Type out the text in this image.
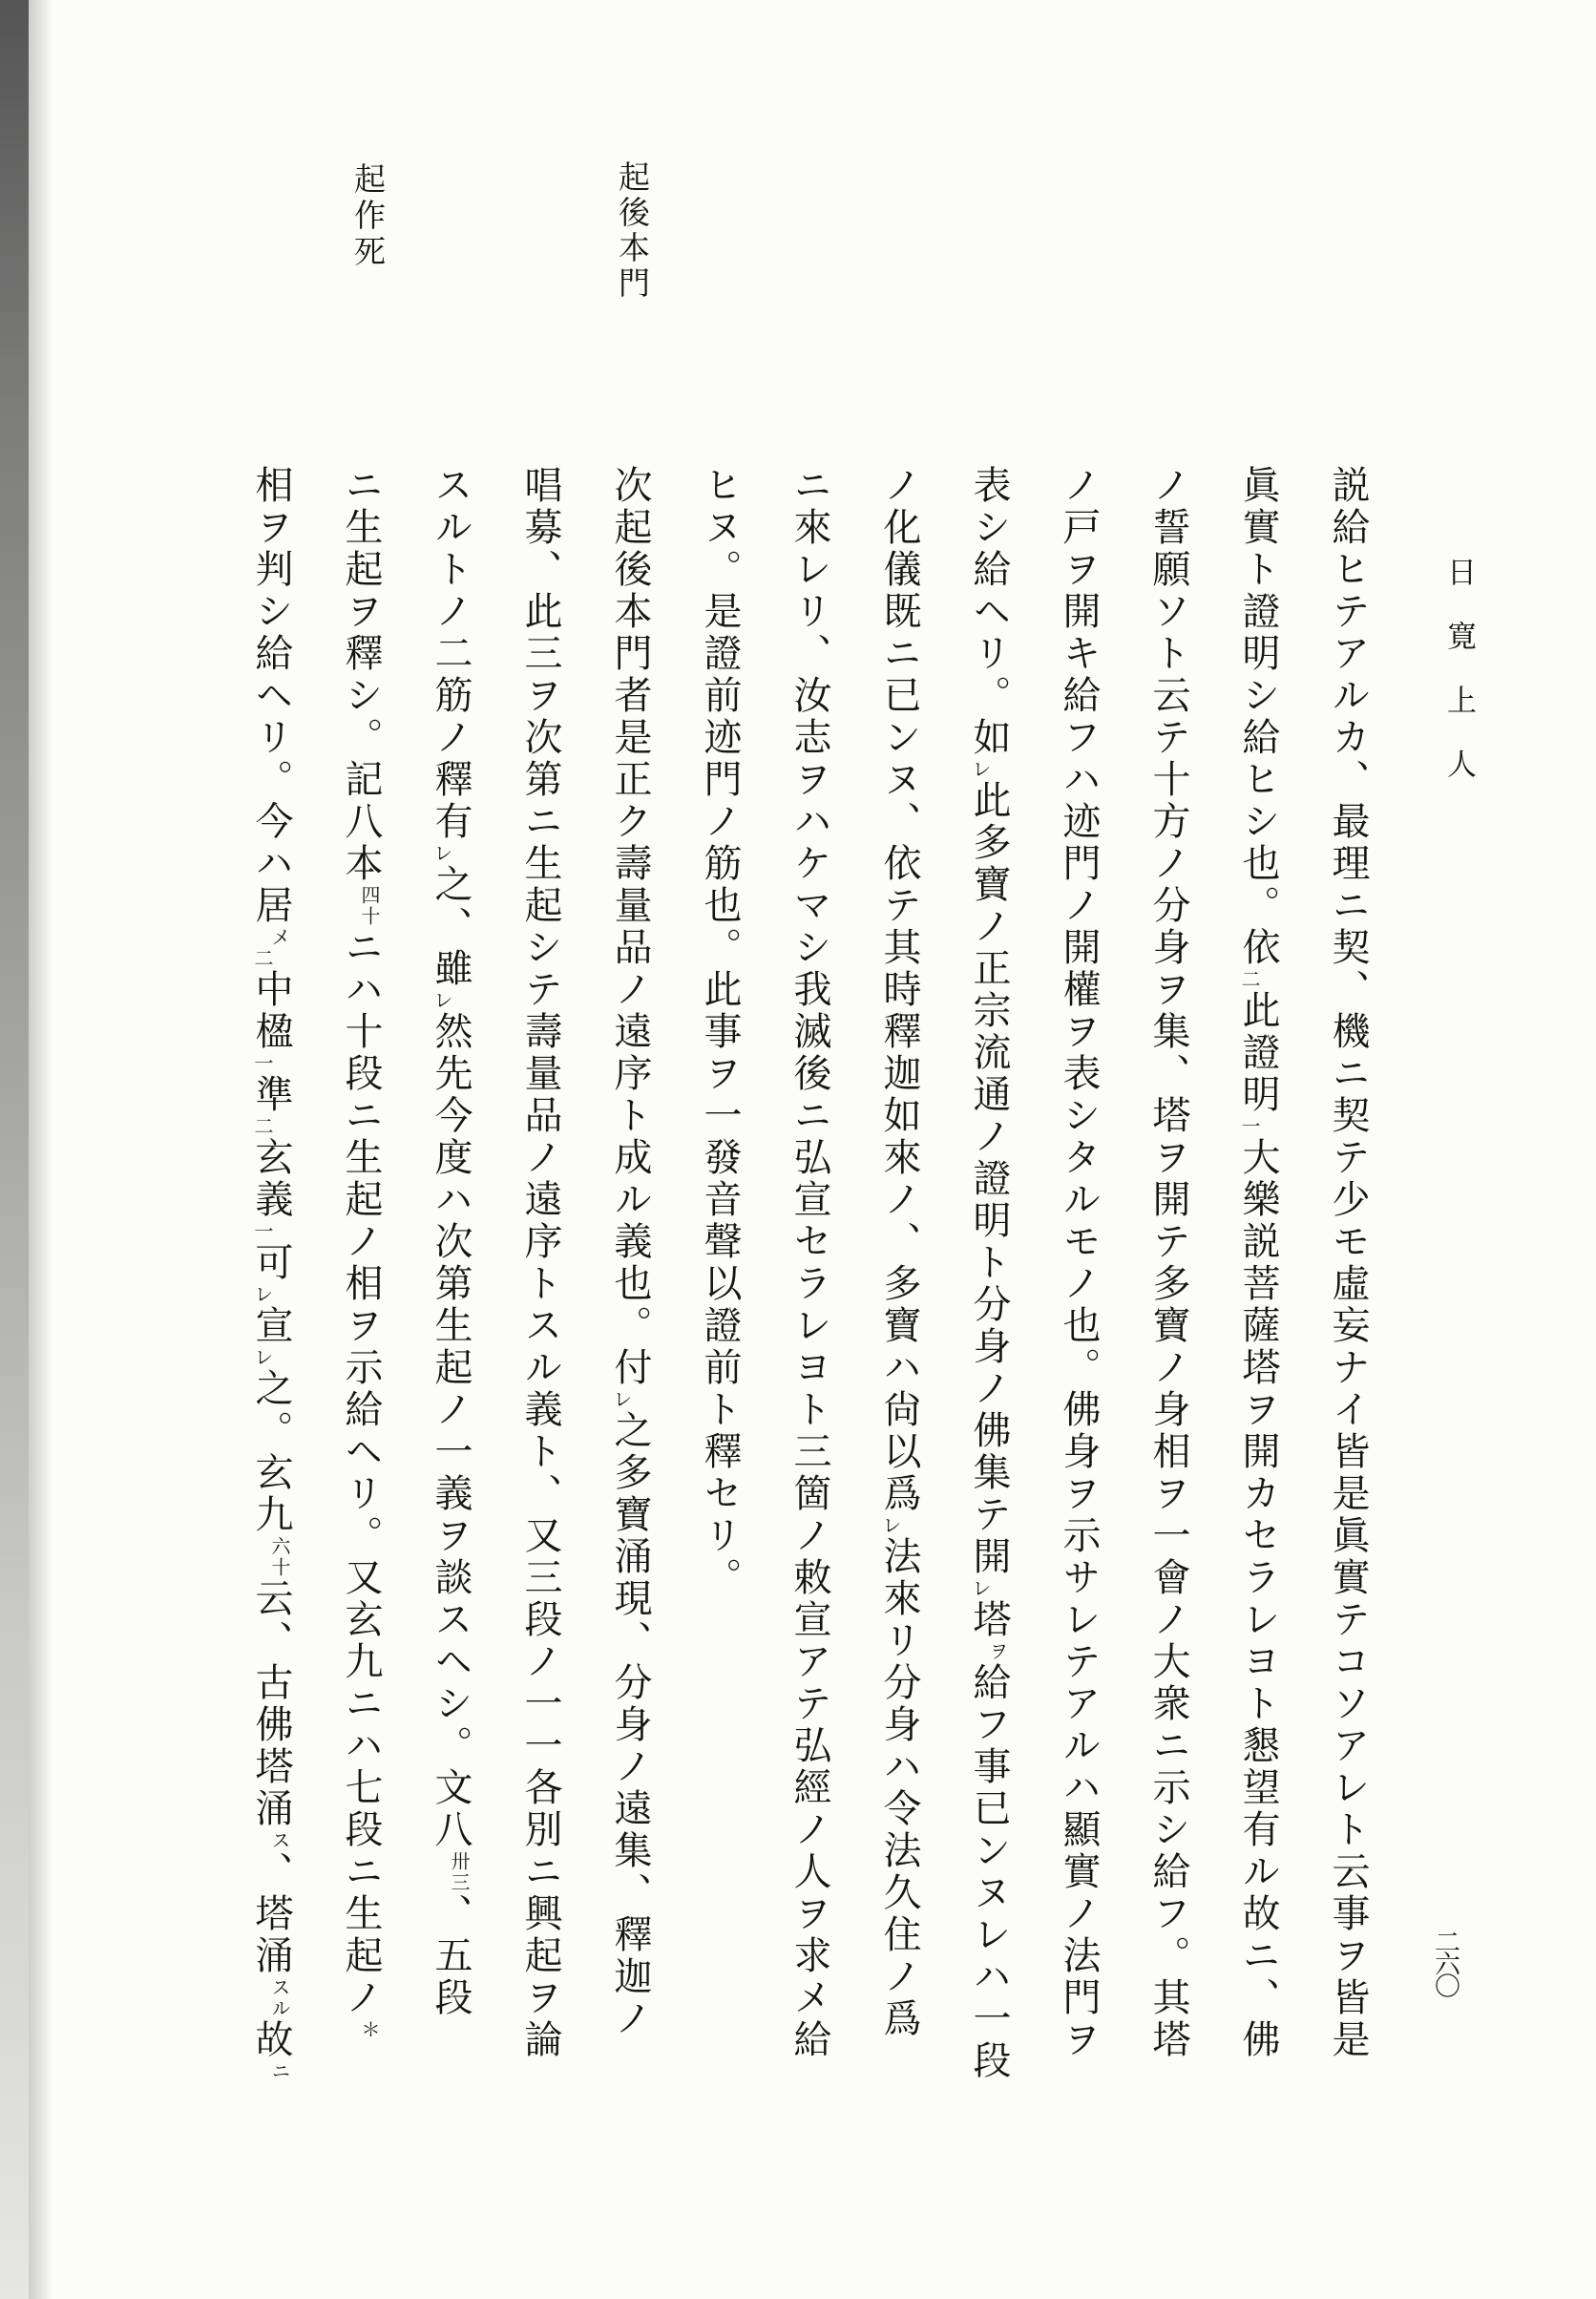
起後本門
起作死
日寛上人
説給ヒテアルカ、最理ニ契、機ニ契テ少モ虛妄ナイ皆是眞實テコソアレト云事ヲ皆是
眞實ト證明シ給ヒシ也。依二此證明一大樂説菩薩塔ヲ開カセラレヨト懇望有ル故ニ、佛
ノ誓願ソト云テ十方ノ分身ヲ集、塔ヲ開テ多寶ノ身相ヲ一會ノ大衆ニ示シ給フ。其塔
ノ戸ヲ開キ給フハ迹門ノ開權ヲ表シタルモノ也。佛身ヲ示サレテアルハ顯實ノ法門ヲ
表シ給ヘリ。如レ此多寶ノ正宗流通ノ證明ト分身ノ佛集テ開レ塔ヲ給フ事已ンヌレハ一段
ノ化儀既ニ已ンヌ、依テ其時釋迦如來ノ、多寶ハ尙以爲レ法來リ分身ハ令法久住ノ爲
ニ來レリ、汝志ヲハケマシ我滅後ニ弘宣セラレヨト三箇ノ敕宣アテ弘經ノ人ヲ求メ給
ヒヌ。是證前迹門ノ筋也。此事ヲ一發音聲以證前ト釋セリ。
次起後本門者是正ク壽量品ノ遠序ト成ル義也。付レ之多寶涌現、分身ノ遠集、釋迦ノ
唱募、此三ヲ次第ニ生起シテ壽量品ノ遠序トスル義ト、又三段ノ一一各別ニ興起ヲ論
スルトノ二筋ノ釋有レ之、雖レ然先今度ハ次第生起ノ一義ヲ談スヘシ。文八卅三、五段
ニ生起ヲ釋シ。記八本四十ニハ十段ニ生起ノ相ヲ示給ヘリ。又玄九ニハ七段ニ生起ノ＊
相ヲ判シ給ヘリ。今ハ居メ二中楹一準二玄義一可レ宣レ之。玄九六十云、古佛塔涌ス、塔涌スル故ニ
二六〇
